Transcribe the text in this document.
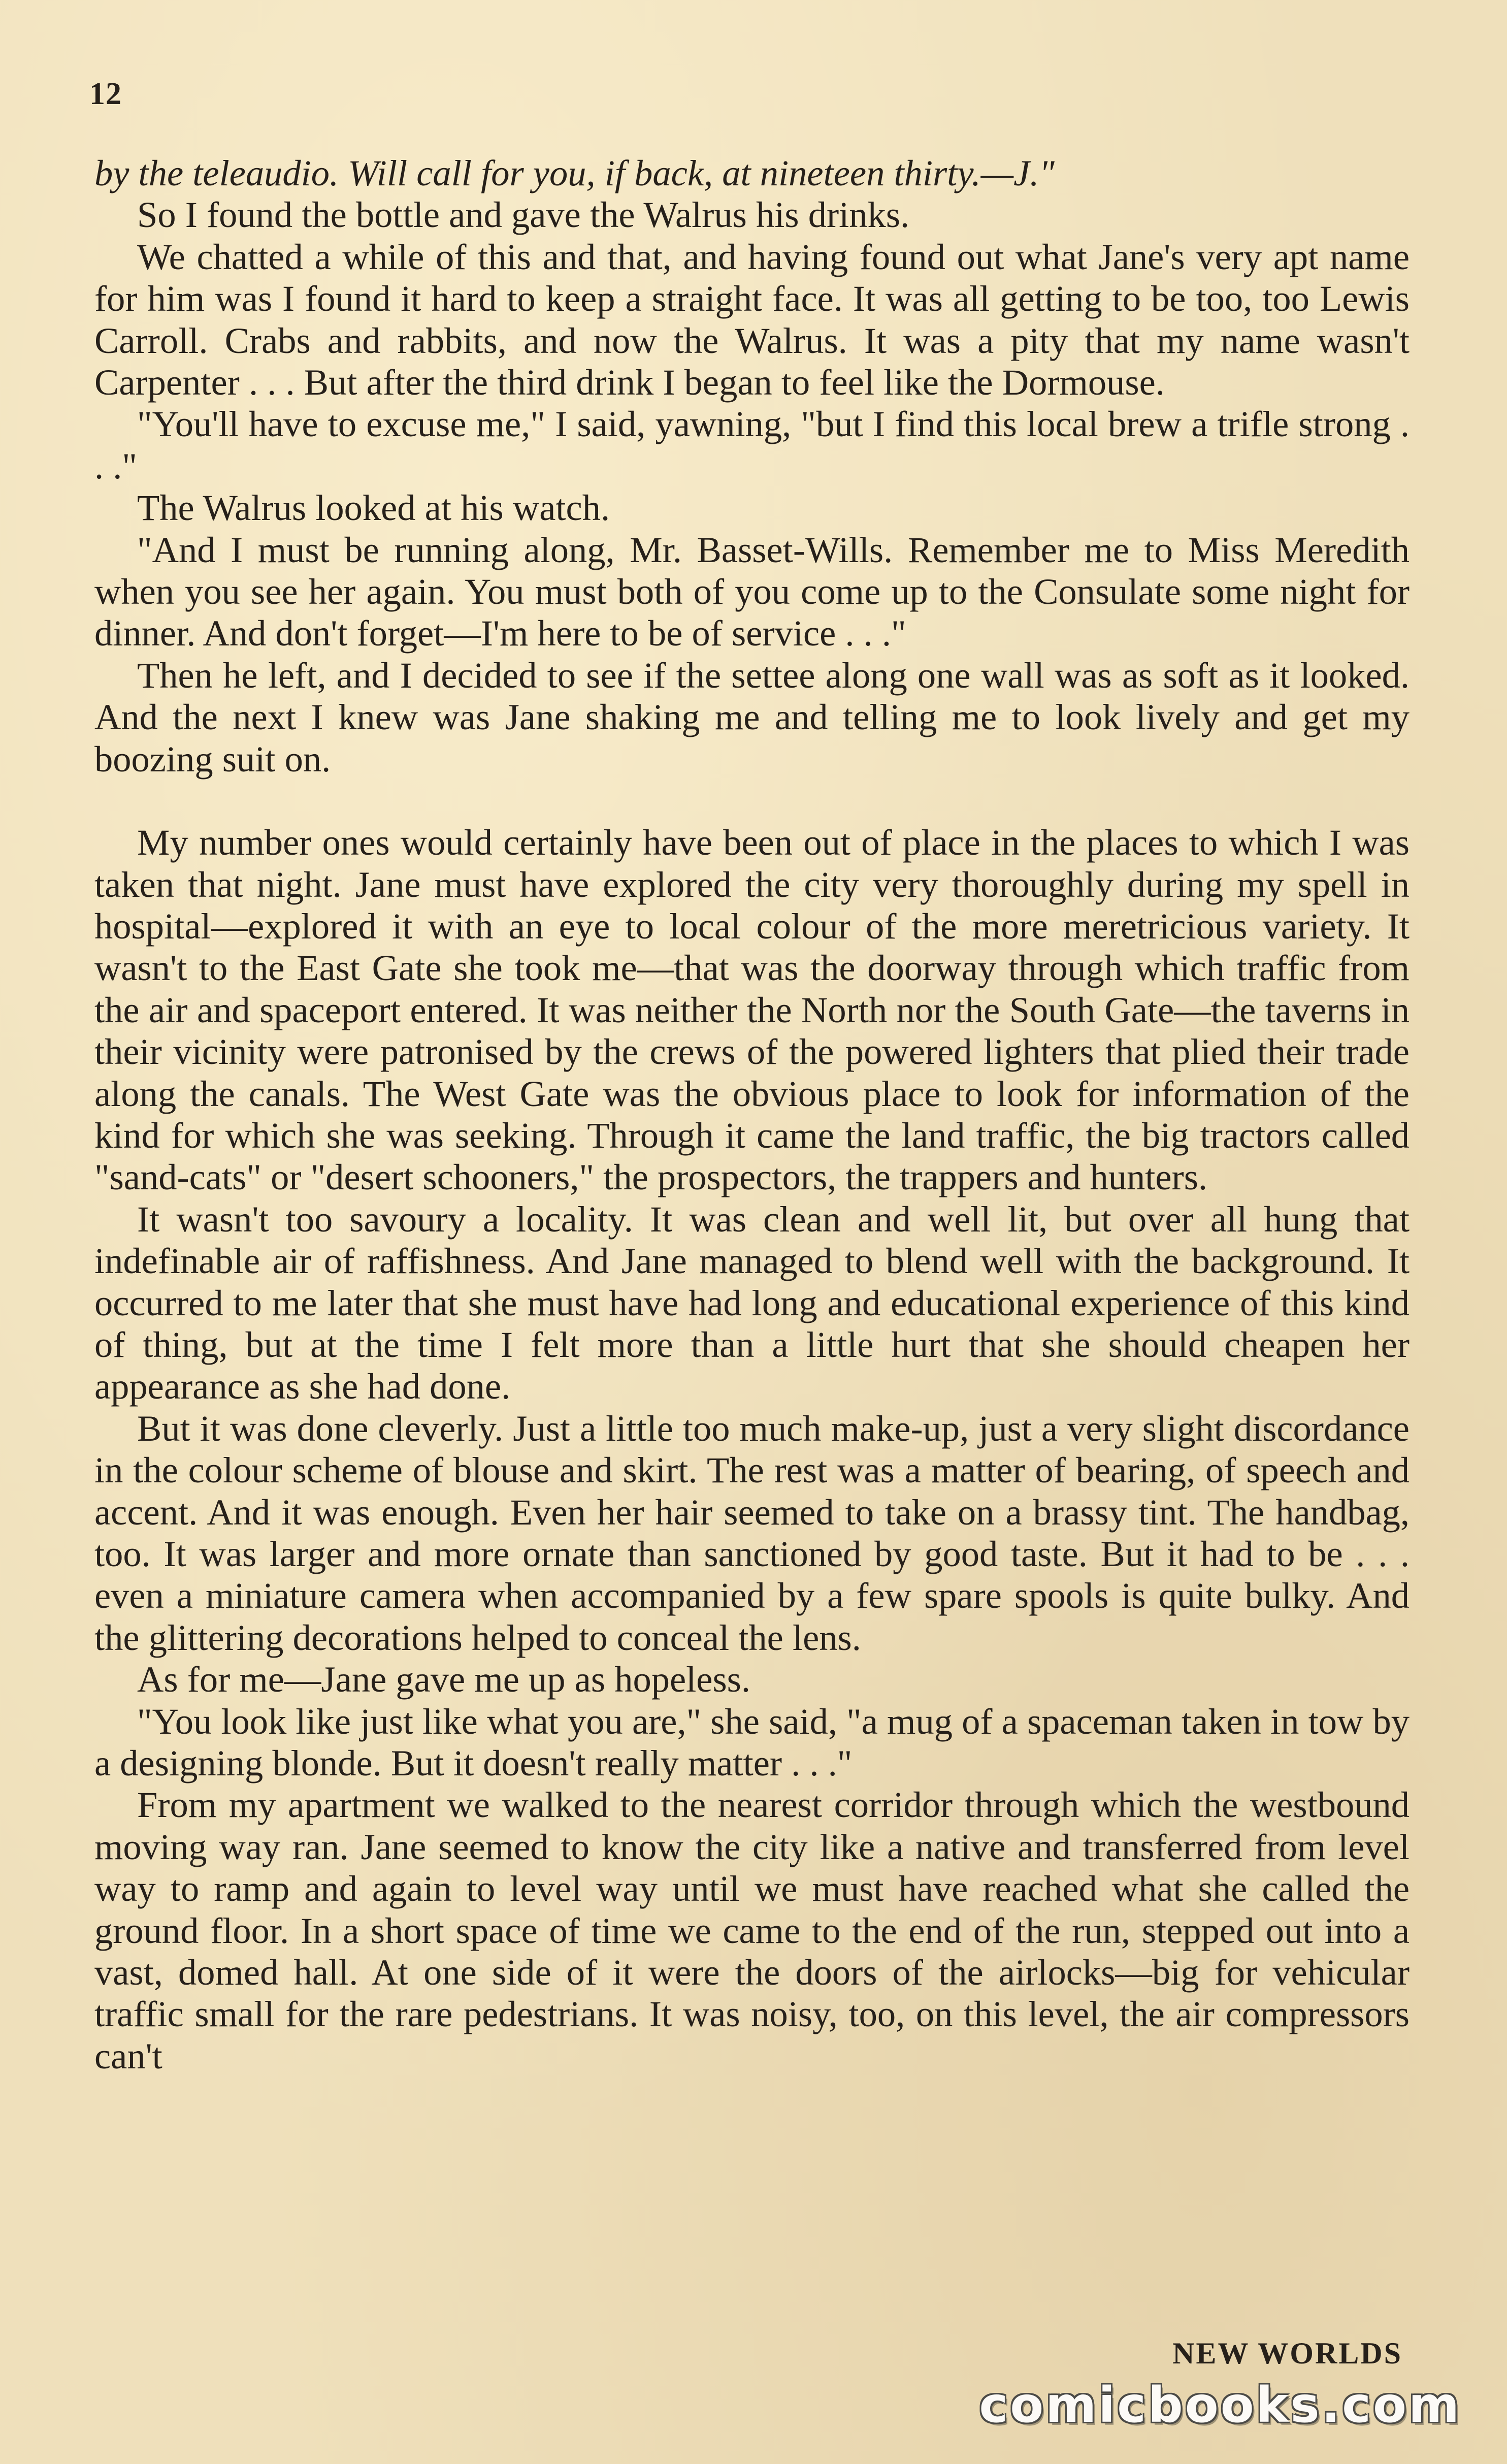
12

by the teleaudio. Will call for you, if back, at nineteen thirty.—J."

So I found the bottle and gave the Walrus his drinks.

We chatted a while of this and that, and having found out what Jane's very apt name for him was I found it hard to keep a straight face. It was all getting to be too, too Lewis Carroll. Crabs and rabbits, and now the Walrus. It was a pity that my name wasn't Carpenter . . . But after the third drink I began to feel like the Dormouse.

"You'll have to excuse me," I said, yawning, "but I find this local brew a trifle strong . . ."

The Walrus looked at his watch.

"And I must be running along, Mr. Basset-Wills. Remember me to Miss Meredith when you see her again. You must both of you come up to the Consulate some night for dinner. And don't forget—I'm here to be of service . . ."

Then he left, and I decided to see if the settee along one wall was as soft as it looked. And the next I knew was Jane shaking me and telling me to look lively and get my boozing suit on.

My number ones would certainly have been out of place in the places to which I was taken that night. Jane must have explored the city very thoroughly during my spell in hospital—explored it with an eye to local colour of the more meretricious variety. It wasn't to the East Gate she took me—that was the doorway through which traffic from the air and spaceport entered. It was neither the North nor the South Gate—the taverns in their vicinity were patronised by the crews of the powered lighters that plied their trade along the canals. The West Gate was the obvious place to look for information of the kind for which she was seeking. Through it came the land traffic, the big tractors called "sand-cats" or "desert schooners," the prospectors, the trappers and hunters.

It wasn't too savoury a locality. It was clean and well lit, but over all hung that indefinable air of raffishness. And Jane managed to blend well with the background. It occurred to me later that she must have had long and educational experience of this kind of thing, but at the time I felt more than a little hurt that she should cheapen her appearance as she had done.

But it was done cleverly. Just a little too much make-up, just a very slight discordance in the colour scheme of blouse and skirt. The rest was a matter of bearing, of speech and accent. And it was enough. Even her hair seemed to take on a brassy tint. The handbag, too. It was larger and more ornate than sanctioned by good taste. But it had to be . . . even a miniature camera when accompanied by a few spare spools is quite bulky. And the glittering decorations helped to conceal the lens.

As for me—Jane gave me up as hopeless.

"You look like just like what you are," she said, "a mug of a spaceman taken in tow by a designing blonde. But it doesn't really matter . . ."

From my apartment we walked to the nearest corridor through which the westbound moving way ran. Jane seemed to know the city like a native and transferred from level way to ramp and again to level way until we must have reached what she called the ground floor. In a short space of time we came to the end of the run, stepped out into a vast, domed hall. At one side of it were the doors of the airlocks—big for vehicular traffic small for the rare pedestrians. It was noisy, too, on this level, the air compressors can't

NEW WORLDS
comicbooks.com
